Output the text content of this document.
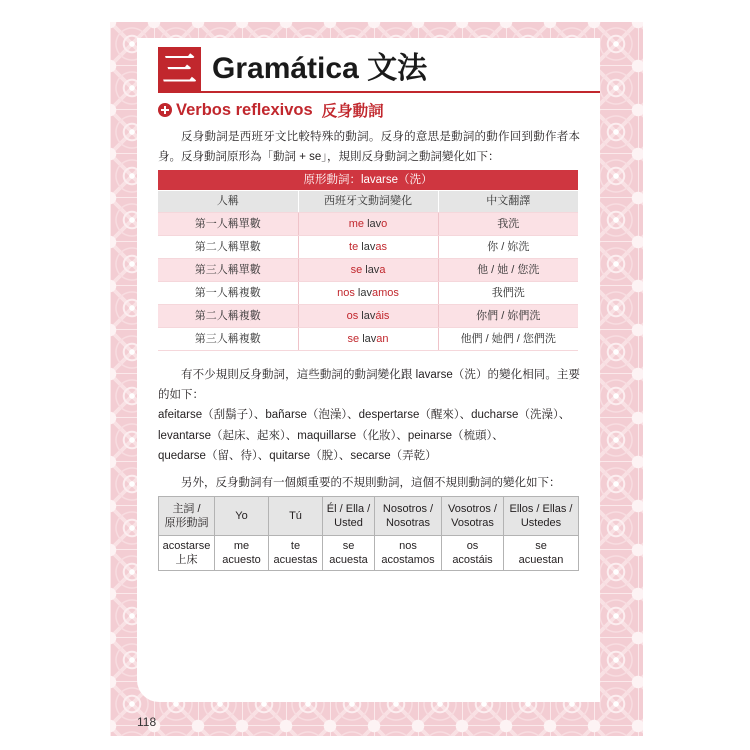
三 Gramática 文法
Verbos reflexivos 反身動詞

反身動詞是西班牙文比較特殊的動詞。反身的意思是動詞的動作回到動作者本身。反身動詞原形為「動詞 + se」，規則反身動詞之動詞變化如下：

原形動詞：lavarse（洗）		
人稱	西班牙文動詞變化	中文翻譯
第一人稱單數	me lavo	我洗
第二人稱單數	te lavas	你 / 妳洗
第三人稱單數	se lava	他 / 她 / 您洗
第一人稱複數	nos lavamos	我們洗
第二人稱複數	os laváis	你們 / 妳們洗
第三人稱複數	se lavan	他們 / 她們 / 您們洗

有不少規則反身動詞，這些動詞的動詞變化跟 lavarse（洗）的變化相同。主要的如下：

afeitarse（刮鬍子）、bañarse（泡澡）、despertarse（醒來）、ducharse（洗澡）、
levantarse（起床、起來）、maquillarse（化妝）、peinarse（梳頭）、
quedarse（留、待）、quitarse（脫）、secarse（弄乾）

另外，反身動詞有一個頗重要的不規則動詞，這個不規則動詞的變化如下：

主詞 /
原形動詞	Yo	Tú	Él / Ella /
Usted	Nosotros /
Nosotras	Vosotros /
Vosotras	Ellos / Ellas /
Ustedes

acostarse
上床	me
acuesto	te
acuestas	se
acuesta	nos
acostamos	os
acostáis	se
acuestan
118
